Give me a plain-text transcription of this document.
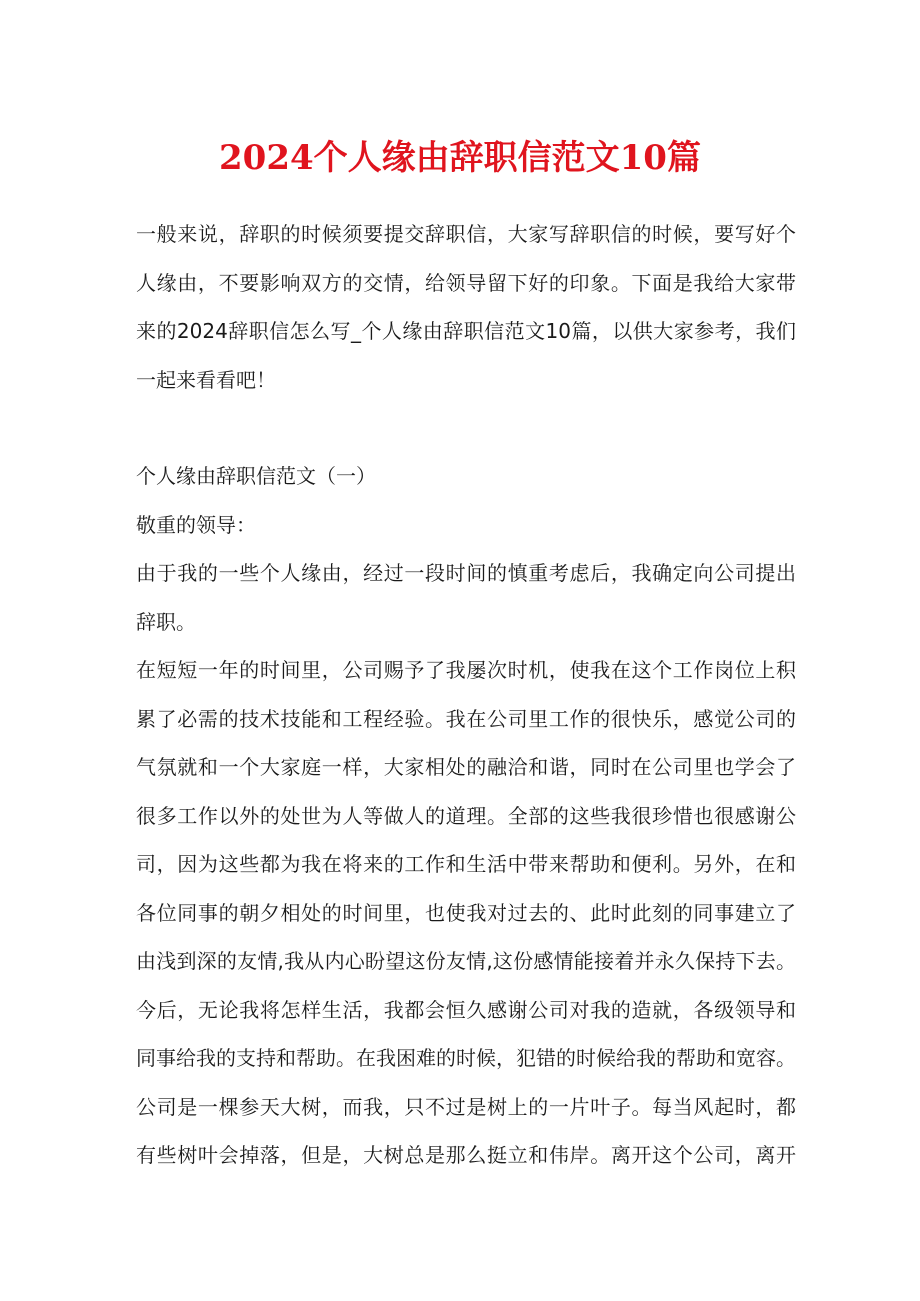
2024个人缘由辞职信范文10篇
一般来说，辞职的时候须要提交辞职信，大家写辞职信的时候，要写好个
人缘由，不要影响双方的交情，给领导留下好的印象。下面是我给大家带
来的2024辞职信怎么写_个人缘由辞职信范文10篇，以供大家参考，我们
一起来看看吧！
个人缘由辞职信范文（一）
敬重的领导：
由于我的一些个人缘由，经过一段时间的慎重考虑后，我确定向公司提出
辞职。
在短短一年的时间里，公司赐予了我屡次时机，使我在这个工作岗位上积
累了必需的技术技能和工程经验。我在公司里工作的很快乐，感觉公司的
气氛就和一个大家庭一样，大家相处的融洽和谐，同时在公司里也学会了
很多工作以外的处世为人等做人的道理。全部的这些我很珍惜也很感谢公
司，因为这些都为我在将来的工作和生活中带来帮助和便利。另外，在和
各位同事的朝夕相处的时间里，也使我对过去的、此时此刻的同事建立了
由浅到深的友情,我从内心盼望这份友情,这份感情能接着并永久保持下去。
今后，无论我将怎样生活，我都会恒久感谢公司对我的造就，各级领导和
同事给我的支持和帮助。在我困难的时候，犯错的时候给我的帮助和宽容。
公司是一棵参天大树，而我，只不过是树上的一片叶子。每当风起时，都
有些树叶会掉落，但是，大树总是那么挺立和伟岸。离开这个公司，离开
